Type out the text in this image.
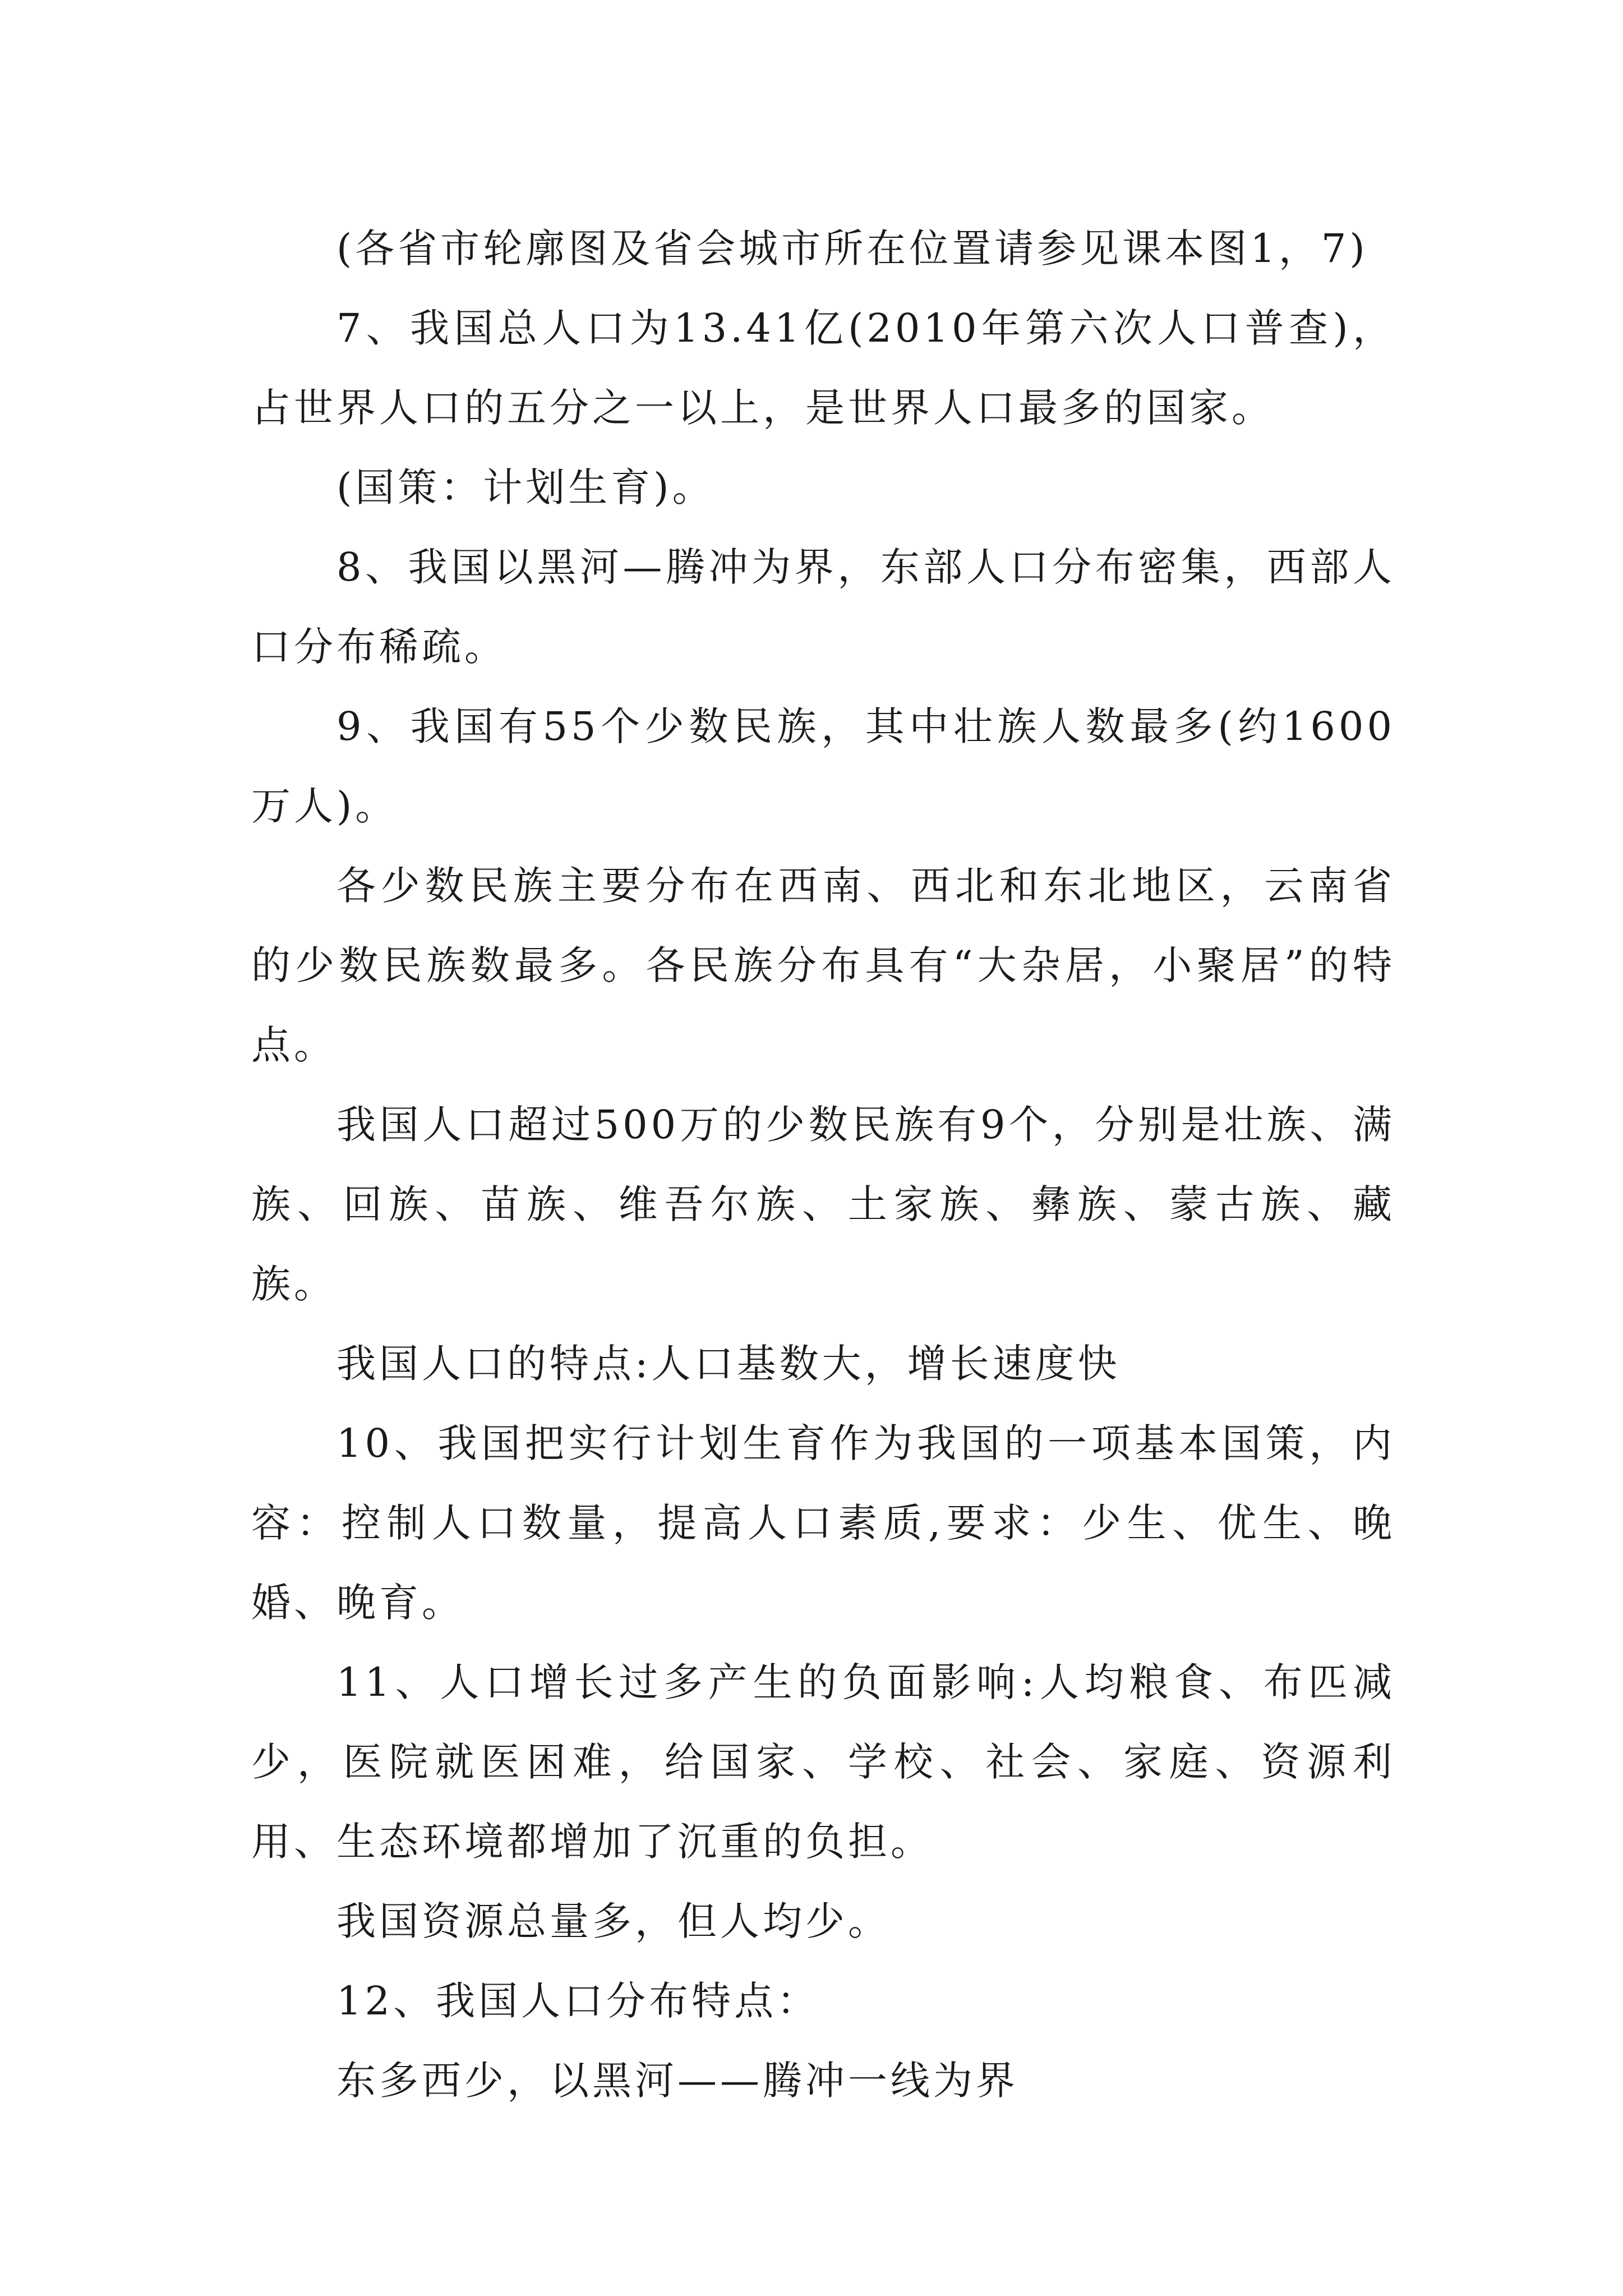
(各省市轮廓图及省会城市所在位置请参见课本图1，7)

7、我国总人口为13.41亿(2010年第六次人口普查)，占世界人口的五分之一以上，是世界人口最多的国家。

(国策：计划生育)。

8、我国以黑河—腾冲为界，东部人口分布密集，西部人口分布稀疏。

9、我国有55个少数民族，其中壮族人数最多(约1600万人)。

各少数民族主要分布在西南、西北和东北地区，云南省的少数民族数最多。各民族分布具有“大杂居，小聚居”的特点。

我国人口超过500万的少数民族有9个，分别是壮族、满族、回族、苗族、维吾尔族、土家族、彝族、蒙古族、藏族。

我国人口的特点:人口基数大，增长速度快

10、我国把实行计划生育作为我国的一项基本国策，内容：控制人口数量，提高人口素质,要求：少生、优生、晚婚、晚育。

11、人口增长过多产生的负面影响:人均粮食、布匹减少，医院就医困难，给国家、学校、社会、家庭、资源利用、生态环境都增加了沉重的负担。

我国资源总量多，但人均少。

12、我国人口分布特点：

东多西少，以黑河——腾冲一线为界
